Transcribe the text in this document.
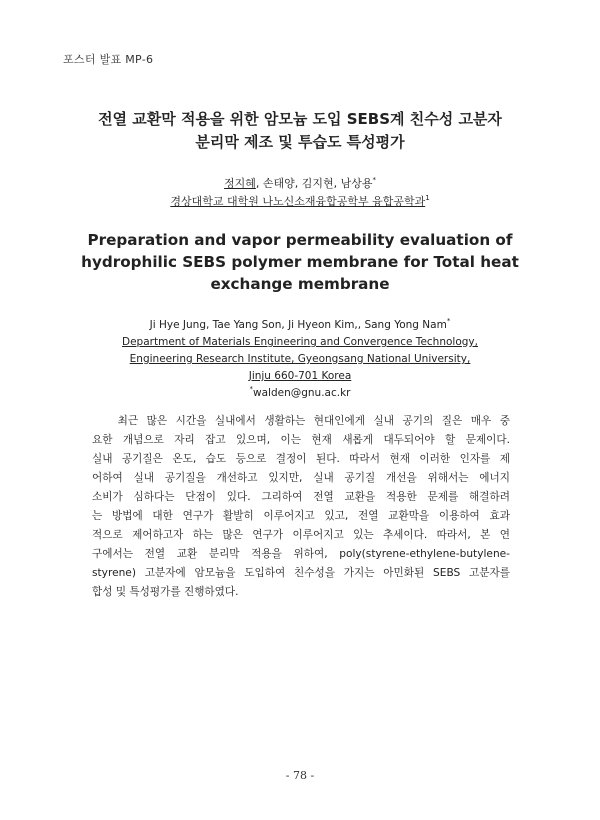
포스터 발표 MP-6
전열 교환막 적용을 위한 암모늄 도입 SEBS계 친수성 고분자
분리막 제조 및 투습도 특성평가
정지혜, 손태양, 김지현, 남상용*
경상대학교 대학원 나노신소재융합공학부 융합공학과$^1$
Preparation and vapor permeability evaluation of
hydrophilic SEBS polymer membrane for Total heat
exchange membrane
Ji Hye Jung, Tae Yang Son, Ji Hyeon Kim,, Sang Yong Nam*
Department of Materials Engineering and Convergence Technology,
Engineering Research Institute, Gyeongsang National University,
Jinju 660-701 Korea
*walden@gnu.ac.kr
최근 많은 시간을 실내에서 생활하는 현대인에게 실내 공기의 질은 매우 중
요한 개념으로 자리 잡고 있으며, 이는 현재 새롭게 대두되어야 할 문제이다.
실내 공기질은 온도, 습도 등으로 결정이 된다. 따라서 현재 이러한 인자를 제
어하여 실내 공기질을 개선하고 있지만, 실내 공기질 개선을 위해서는 에너지
소비가 심하다는 단점이 있다. 그리하여 전열 교환을 적용한 문제를 해결하려
는 방법에 대한 연구가 활발히 이루어지고 있고, 전열 교환막을 이용하여 효과
적으로 제어하고자 하는 많은 연구가 이루어지고 있는 추세이다. 따라서, 본 연
구에서는 전열 교환 분리막 적용을 위하여, poly(styrene-ethylene-butylene-
styrene) 고분자에 암모늄을 도입하여 친수성을 가지는 아민화된 SEBS 고분자를
합성 및 특성평가를 진행하였다.
- 78 -
